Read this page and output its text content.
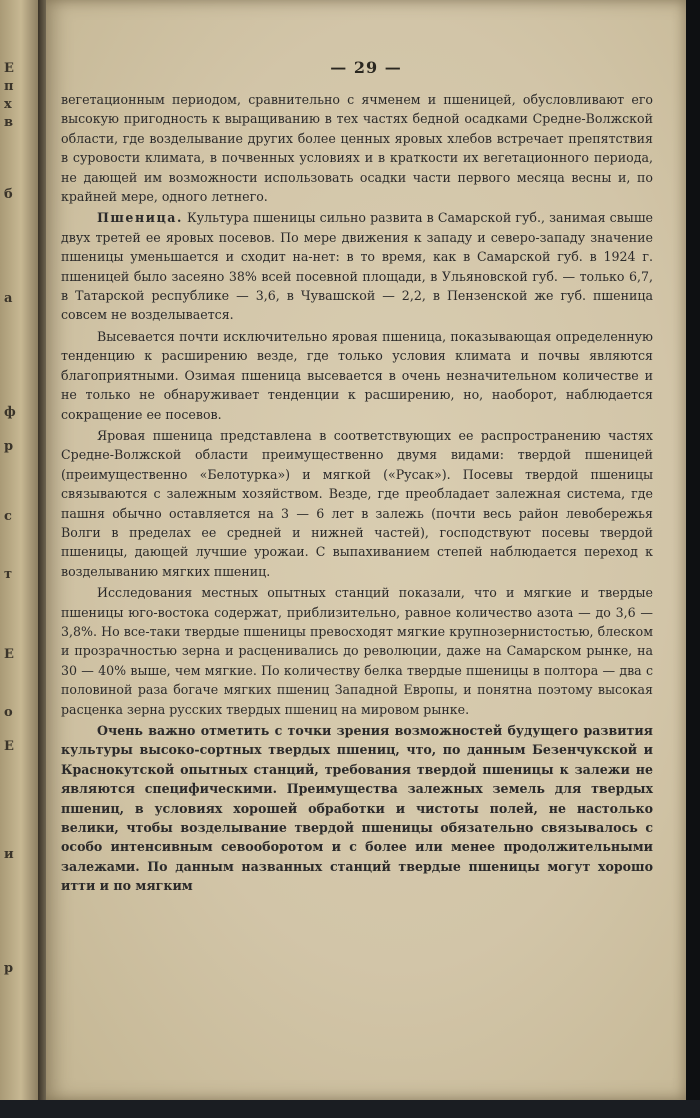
Е
п
х
в
б
а
ф
р
с
т
Е
о
Е
и
р
— 29 —

вегетационным периодом, сравнительно с ячменем и пшеницей, обусловливают его высокую пригодность к выращиванию в тех частях бедной осадками Средне-Волжской области, где возделывание других более ценных яровых хлебов встречает препятствия в суровости климата, в почвенных условиях и в краткости их вегетационного периода, не дающей им возможности использовать осадки части первого месяца весны и, по крайней мере, одного летнего.

Пшеница. Культура пшеницы сильно развита в Самарской губ., занимая свыше двух третей ее яровых посевов. По мере движения к западу и северо-западу значение пшеницы уменьшается и сходит на-нет: в то время, как в Самарской губ. в 1924 г. пшеницей было засеяно 38% всей посевной площади, в Ульяновской губ. — только 6,7, в Татарской республике — 3,6, в Чувашской — 2,2, в Пензенской же губ. пшеница совсем не возделывается.

Высевается почти исключительно яровая пшеница, показывающая определенную тенденцию к расширению везде, где только условия климата и почвы являются благоприятными. Озимая пшеница высевается в очень незначительном количестве и не только не обнаруживает тенденции к расширению, но, наоборот, наблюдается сокращение ее посевов.

Яровая пшеница представлена в соответствующих ее распространению частях Средне-Волжской области преимущественно двумя видами: твердой пшеницей (преимущественно «Белотурка») и мягкой («Русак»). Посевы твердой пшеницы связываются с залежным хозяйством. Везде, где преобладает залежная система, где пашня обычно оставляется на 3 — 6 лет в залежь (почти весь район левобережья Волги в пределах ее средней и нижней частей), господствуют посевы твердой пшеницы, дающей лучшие урожаи. С выпахиванием степей наблюдается переход к возделыванию мягких пшениц.

Исследования местных опытных станций показали, что и мягкие и твердые пшеницы юго-востока содержат, приблизительно, равное количество азота — до 3,6 — 3,8%. Но все-таки твердые пшеницы превосходят мягкие крупнозернистостью, блеском и прозрачностью зерна и расценивались до революции, даже на Самарском рынке, на 30 — 40% выше, чем мягкие. По количеству белка твердые пшеницы в полтора — два с половиной раза богаче мягких пшениц Западной Европы, и понятна поэтому высокая расценка зерна русских твердых пшениц на мировом рынке.

Очень важно отметить с точки зрения возможностей будущего развития культуры высоко-сортных твердых пшениц, что, по данным Безенчукской и Краснокутской опытных станций, требования твердой пшеницы к залежи не являются специфическими. Преимущества залежных земель для твердых пшениц, в условиях хорошей обработки и чистоты полей, не настолько велики, чтобы возделывание твердой пшеницы обязательно связывалось с особо интенсивным севооборотом и с более или менее продолжительными залежами. По данным названных станций твердые пшеницы могут хорошо итти и по мягким
